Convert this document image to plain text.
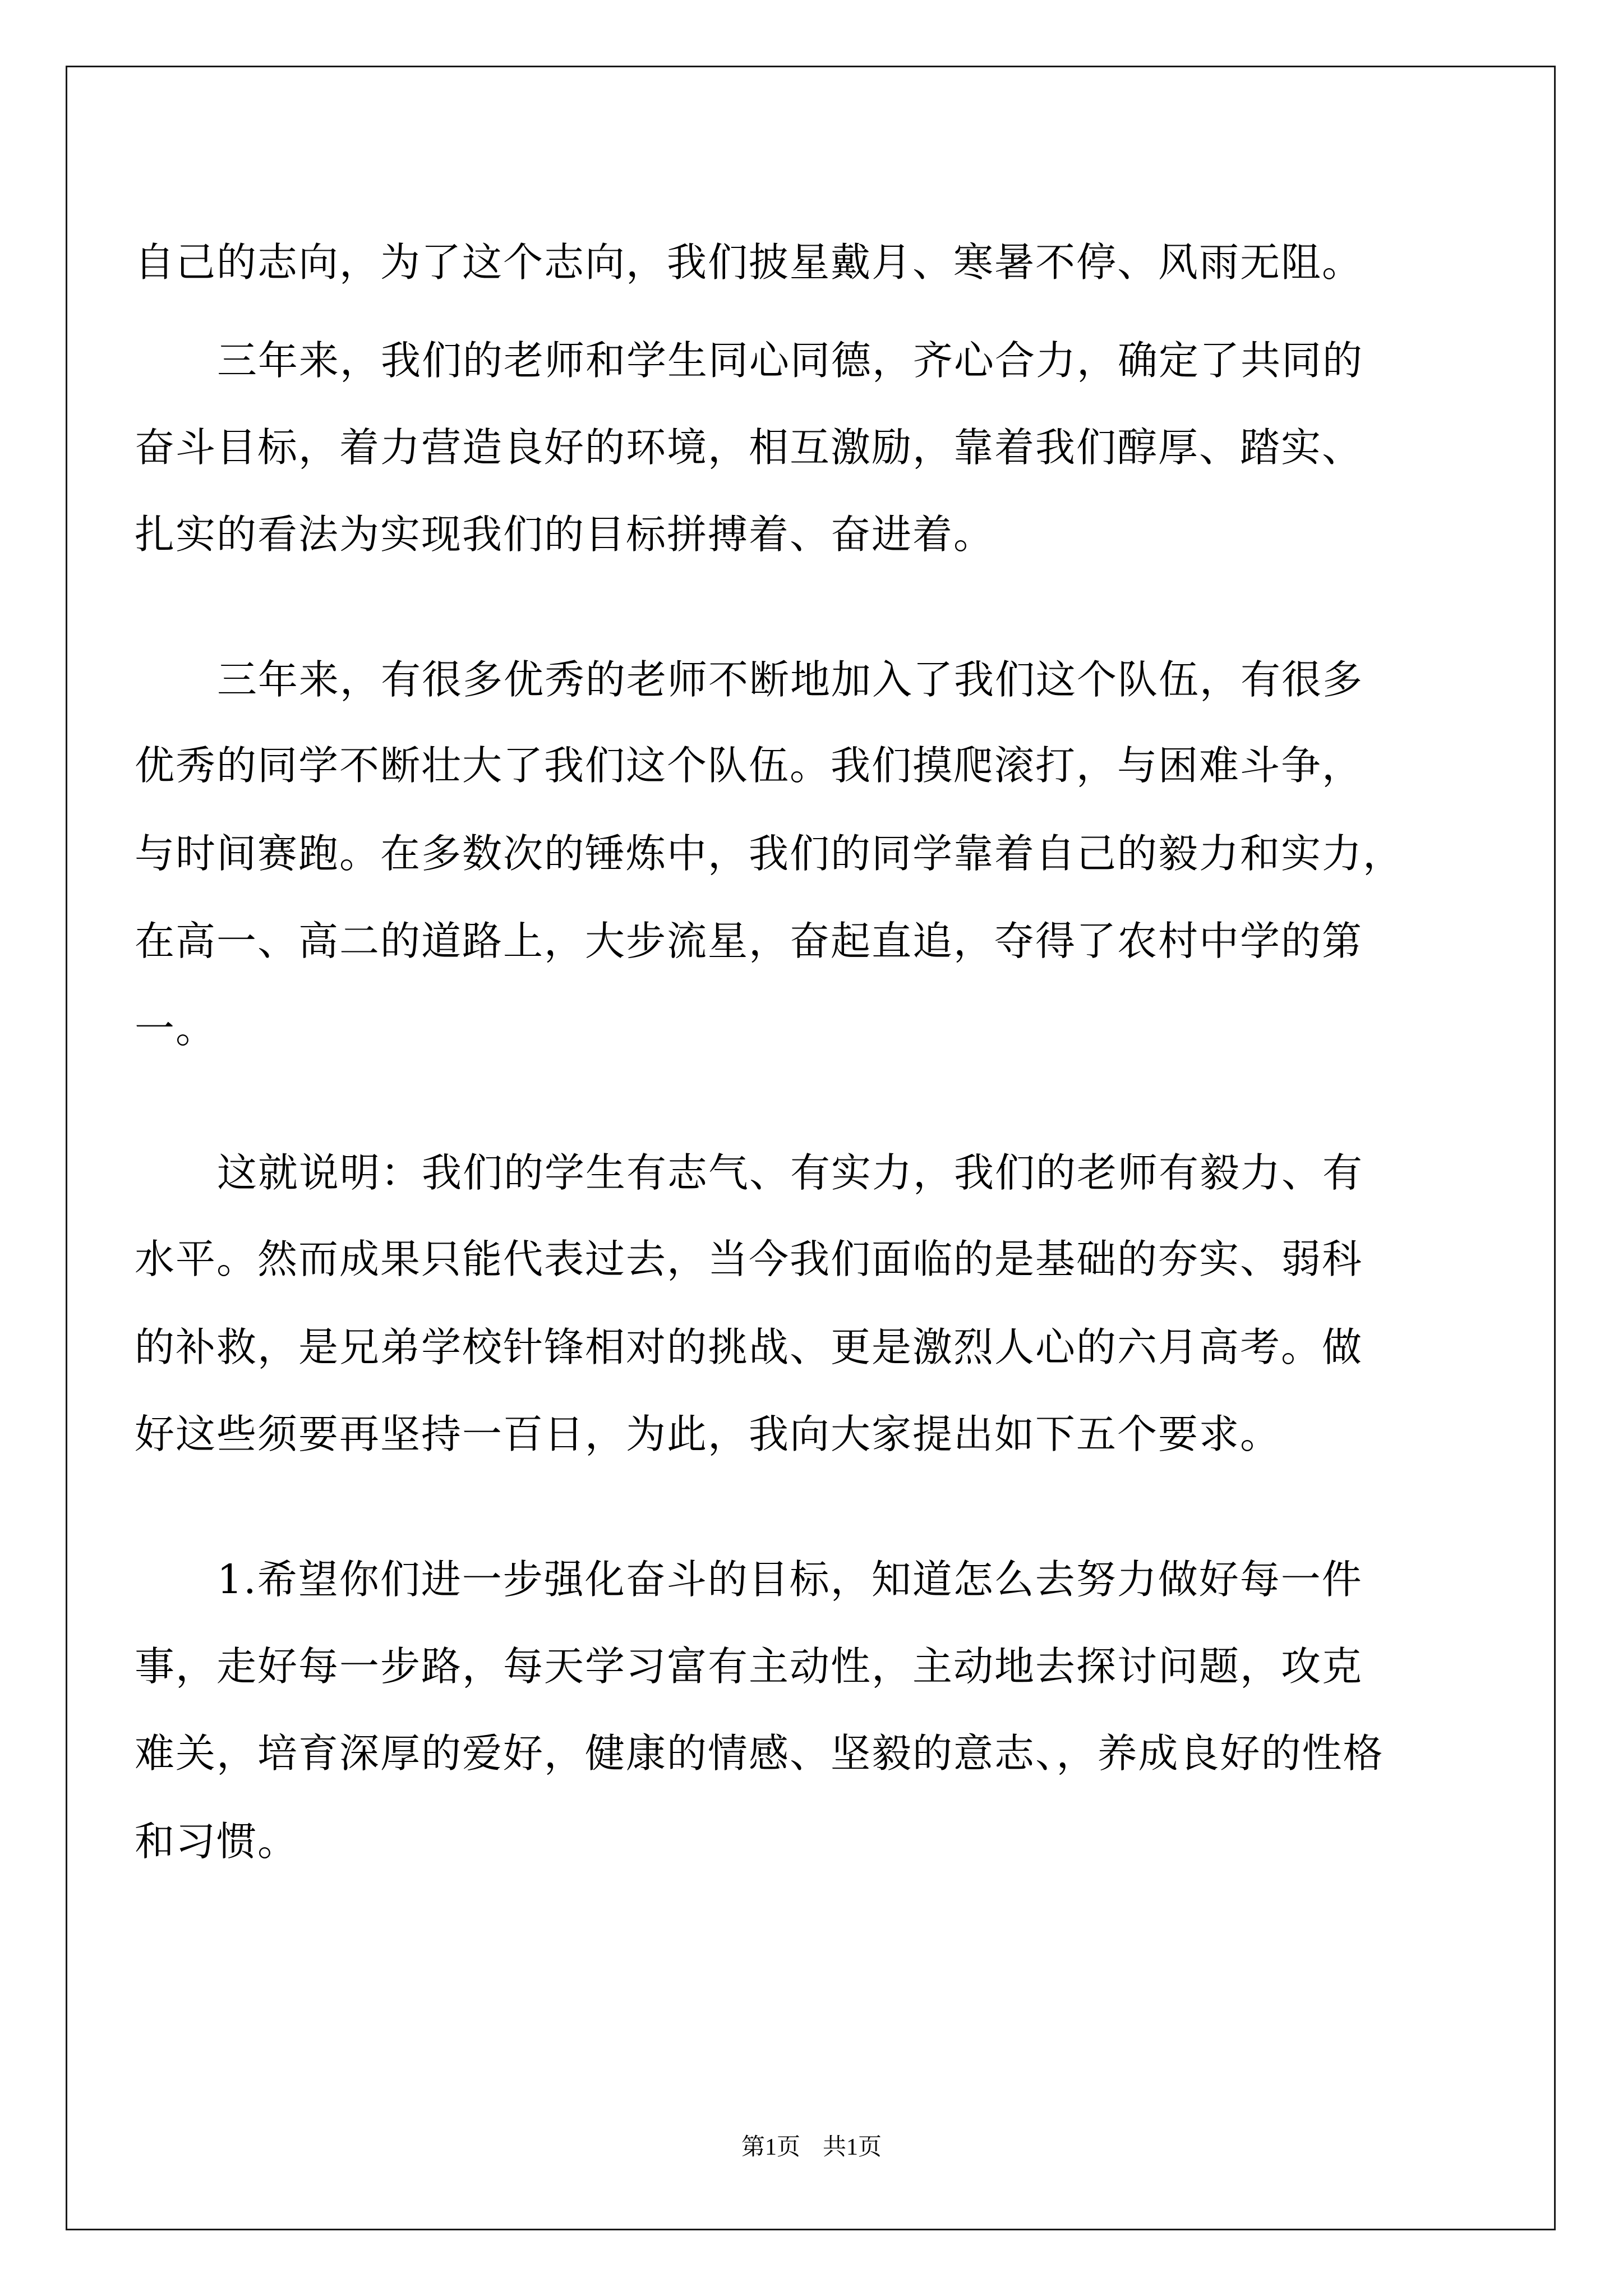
自己的志向，为了这个志向，我们披星戴月、寒暑不停、风雨无阻。
三年来，我们的老师和学生同心同德，齐心合力，确定了共同的
奋斗目标，着力营造良好的环境，相互激励，靠着我们醇厚、踏实、
扎实的看法为实现我们的目标拼搏着、奋进着。
三年来，有很多优秀的老师不断地加入了我们这个队伍，有很多
优秀的同学不断壮大了我们这个队伍。我们摸爬滚打，与困难斗争，
与时间赛跑。在多数次的锤炼中，我们的同学靠着自己的毅力和实力，
在高一、高二的道路上，大步流星，奋起直追，夺得了农村中学的第
一。
这就说明：我们的学生有志气、有实力，我们的老师有毅力、有
水平。然而成果只能代表过去，当今我们面临的是基础的夯实、弱科
的补救，是兄弟学校针锋相对的挑战、更是激烈人心的六月高考。做
好这些须要再坚持一百日，为此，我向大家提出如下五个要求。
1.希望你们进一步强化奋斗的目标，知道怎么去努力做好每一件
事，走好每一步路，每天学习富有主动性，主动地去探讨问题，攻克
难关，培育深厚的爱好，健康的情感、坚毅的意志、，养成良好的性格
和习惯。
第1页 共1页
